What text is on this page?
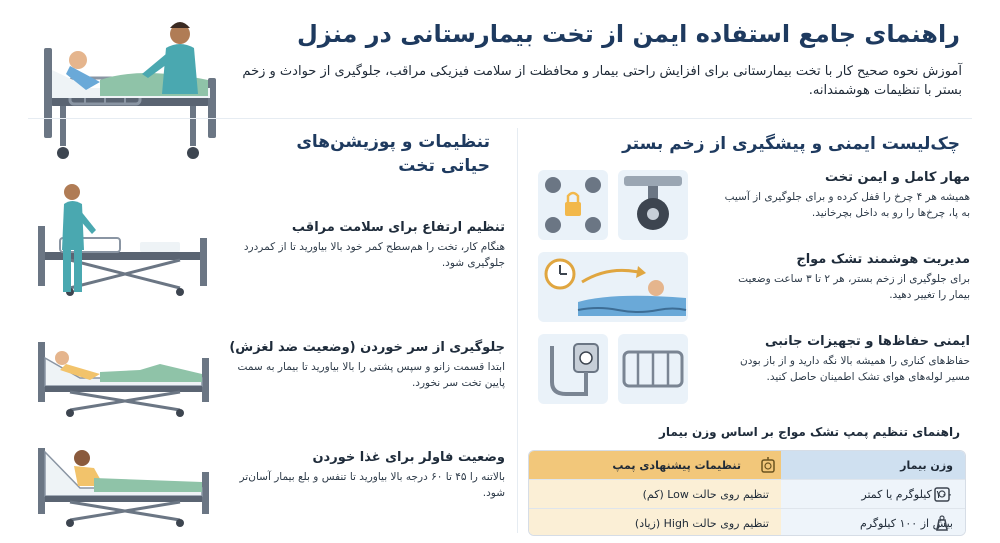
راهنمای جامع استفاده ایمن از تخت بیمارستانی در منزل
آموزش نحوه صحیح کار با تخت بیمارستانی برای افزایش راحتی بیمار و محافظت از سلامت فیزیکی مراقب، جلوگیری از حوادث و زخم بستر با تنظیمات هوشمندانه.
تنظیمات و پوزیشن‌های
حیاتی تخت
تنظیم ارتفاع برای سلامت مراقب
هنگام کار، تخت را هم‌سطح کمر خود بالا بیاورید تا از کمردرد جلوگیری شود.
جلوگیری از سر خوردن (وضعیت ضد لغزش)
ابتدا قسمت زانو و سپس پشتی را بالا بیاورید تا بیمار به سمت پایین تخت سر نخورد.
وضعیت فاولر برای غذا خوردن
بالاتنه را ۴۵ تا ۶۰ درجه بالا بیاورید تا تنفس و بلع بیمار آسان‌تر شود.
چک‌لیست ایمنی و پیشگیری از زخم بستر
مهار کامل و ایمن تخت
همیشه هر ۴ چرخ را قفل کرده و برای جلوگیری از آسیب به پا، چرخ‌ها را رو به داخل بچرخانید.
مدیریت هوشمند تشک مواج
برای جلوگیری از زخم بستر، هر ۲ تا ۳ ساعت وضعیت بیمار را تغییر دهید.
ایمنی حفاظ‌ها و تجهیزات جانبی
حفاظ‌های کناری را همیشه بالا نگه دارید و از باز بودن مسیر لوله‌های هوای تشک اطمینان حاصل کنید.
راهنمای تنظیم پمپ تشک مواج بر اساس وزن بیمار
وزن بیمار
تنظیمات پیشنهادی پمپ
۱۰۰ کیلوگرم یا کمتر
تنظیم روی حالت Low (کم)
بیش از ۱۰۰ کیلوگرم
تنظیم روی حالت High (زیاد)
